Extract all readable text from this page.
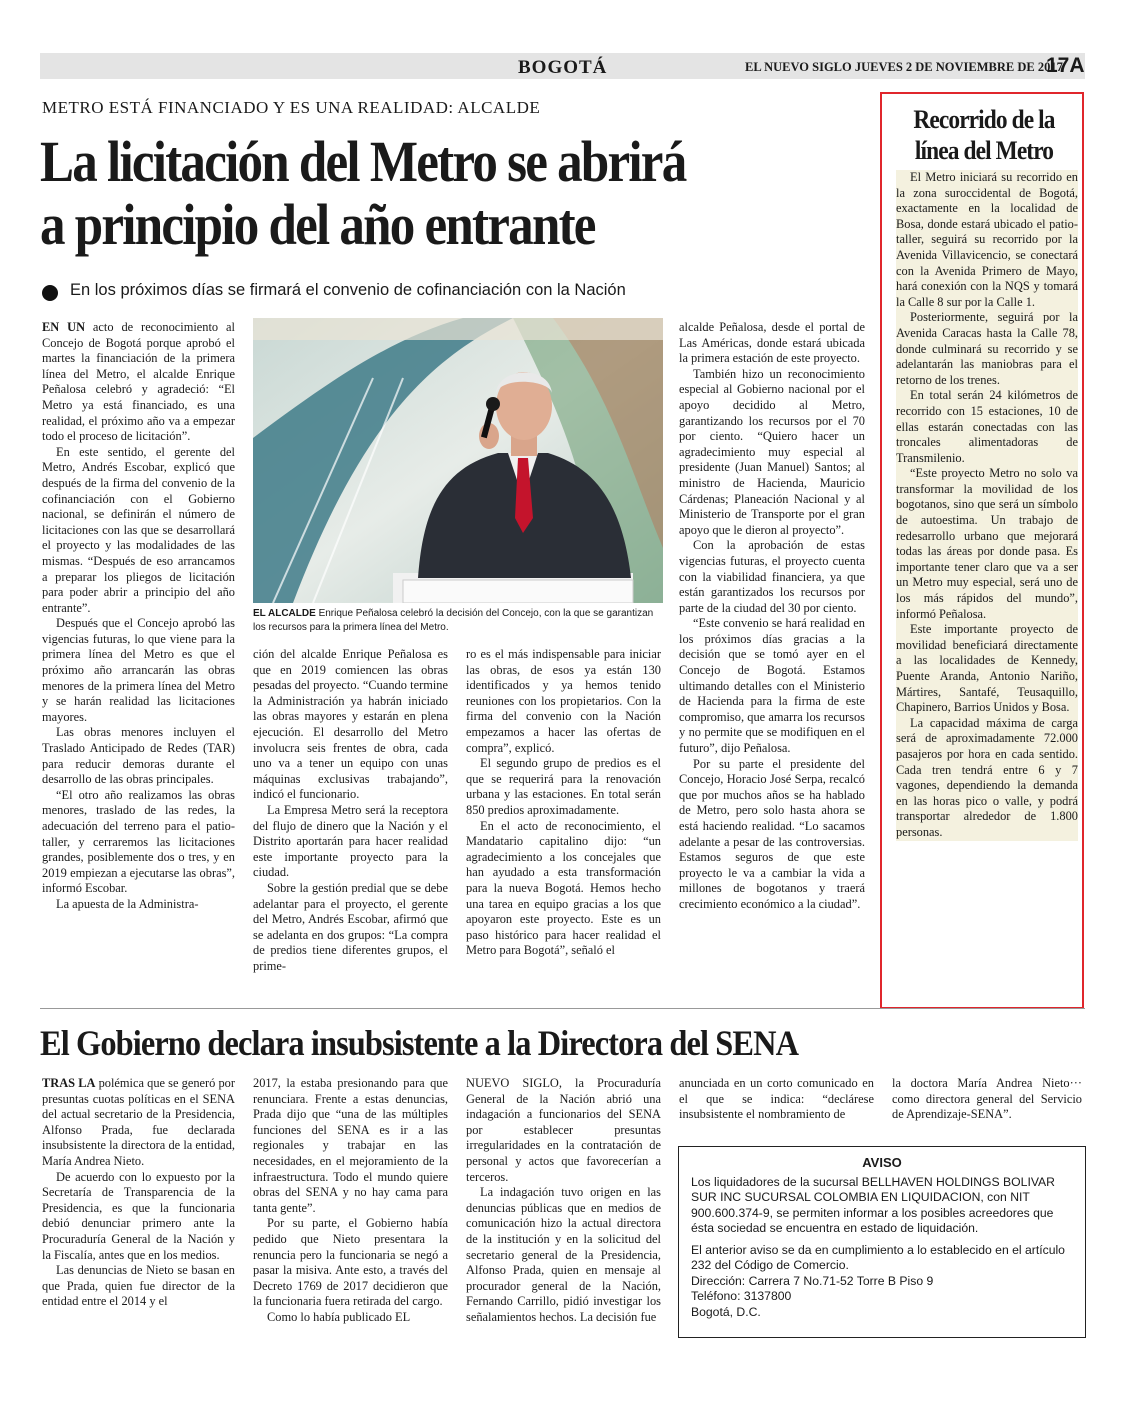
BOGOTÁ	EL NUEVO SIGLO JUEVES 2 DE NOVIEMBRE DE 2017
17A
METRO ESTÁ FINANCIADO Y ES UNA REALIDAD: ALCALDE
La licitación del Metro se abrirá
a principio del año entrante
En los próximos días se firmará el convenio de cofinanciación con la Nación

EN UN acto de reconocimiento al Concejo de Bogotá porque aprobó el martes la financiación de la primera línea del Metro, el alcalde Enrique Peñalosa celebró y agradeció: “El Metro ya está financiado, es una realidad, el próximo año va a empezar todo el proceso de licitación”.

En este sentido, el gerente del Metro, Andrés Escobar, explicó que después de la firma del convenio de la cofinanciación con el Gobierno nacional, se definirán el número de licitaciones con las que se desarrollará el proyecto y las modalidades de las mismas. “Después de eso arrancamos a preparar los pliegos de licitación para poder abrir a principio del año entrante”.

Después que el Concejo aprobó las vigencias futuras, lo que viene para la primera línea del Metro es que el próximo año arrancarán las obras menores de la primera línea del Metro y se harán realidad las licitaciones mayores.

Las obras menores incluyen el Traslado Anticipado de Redes (TAR) para reducir demoras durante el desarrollo de las obras principales.

“El otro año realizamos las obras menores, traslado de las redes, la adecuación del terreno para el patio-taller, y cerraremos las licitaciones grandes, posiblemente dos o tres, y en 2019 empiezan a ejecutarse las obras”, informó Escobar.

La apuesta de la Administra-

EL ALCALDE Enrique Peñalosa celebró la decisión del Concejo, con la que se garantizan los recursos para la primera línea del Metro.

ción del alcalde Enrique Peñalosa es que en 2019 comiencen las obras pesadas del proyecto. “Cuando termine la Administración ya habrán iniciado las obras mayores y estarán en plena ejecución. El desarrollo del Metro involucra seis frentes de obra, cada uno va a tener un equipo con unas máquinas exclusivas trabajando”, indicó el funcionario.

La Empresa Metro será la receptora del flujo de dinero que la Nación y el Distrito aportarán para hacer realidad este importante proyecto para la ciudad.

Sobre la gestión predial que se debe adelantar para el proyecto, el gerente del Metro, Andrés Escobar, afirmó que se adelanta en dos grupos: “La compra de predios tiene diferentes grupos, el prime-

ro es el más indispensable para iniciar las obras, de esos ya están 130 identificados y ya hemos tenido reuniones con los propietarios. Con la firma del convenio con la Nación empezamos a hacer las ofertas de compra”, explicó.

El segundo grupo de predios es el que se requerirá para la renovación urbana y las estaciones. En total serán 850 predios aproximadamente.

En el acto de reconocimiento, el Mandatario capitalino dijo: “un agradecimiento a los concejales que han ayudado a esta transformación para la nueva Bogotá. Hemos hecho una tarea en equipo gracias a los que apoyaron este proyecto. Este es un paso histórico para hacer realidad el Metro para Bogotá”, señaló el

alcalde Peñalosa, desde el portal de Las Américas, donde estará ubicada la primera estación de este proyecto.

También hizo un reconocimiento especial al Gobierno nacional por el apoyo decidido al Metro, garantizando los recursos por el 70 por ciento. “Quiero hacer un agradecimiento muy especial al presidente (Juan Manuel) Santos; al ministro de Hacienda, Mauricio Cárdenas; Planeación Nacional y al Ministerio de Transporte por el gran apoyo que le dieron al proyecto”.

Con la aprobación de estas vigencias futuras, el proyecto cuenta con la viabilidad financiera, ya que están garantizados los recursos por parte de la ciudad del 30 por ciento.

“Este convenio se hará realidad en los próximos días gracias a la decisión que se tomó ayer en el Concejo de Bogotá. Estamos ultimando detalles con el Ministerio de Hacienda para la firma de este compromiso, que amarra los recursos y no permite que se modifiquen en el futuro”, dijo Peñalosa.

Por su parte el presidente del Concejo, Horacio José Serpa, recalcó que por muchos años se ha hablado de Metro, pero solo hasta ahora se está haciendo realidad. “Lo sacamos adelante a pesar de las controversias. Estamos seguros de que este proyecto le va a cambiar la vida a millones de bogotanos y traerá crecimiento económico a la ciudad”.

Recorrido de la
línea del Metro

El Metro iniciará su recorrido en la zona suroccidental de Bogotá, exactamente en la localidad de Bosa, donde estará ubicado el patio-taller, seguirá su recorrido por la Avenida Villavicencio, se conectará con la Avenida Primero de Mayo, hará conexión con la NQS y tomará la Calle 8 sur por la Calle 1.

Posteriormente, seguirá por la Avenida Caracas hasta la Calle 78, donde culminará su recorrido y se adelantarán las maniobras para el retorno de los trenes.

En total serán 24 kilómetros de recorrido con 15 estaciones, 10 de ellas estarán conectadas con las troncales alimentadoras de Transmilenio.

“Este proyecto Metro no solo va transformar la movilidad de los bogotanos, sino que será un símbolo de autoestima. Un trabajo de redesarrollo urbano que mejorará todas las áreas por donde pasa. Es importante tener claro que va a ser un Metro muy especial, será uno de los más rápidos del mundo”, informó Peñalosa.

Este importante proyecto de movilidad beneficiará directamente a las localidades de Kennedy, Puente Aranda, Antonio Nariño, Mártires, Santafé, Teusaquillo, Chapinero, Barrios Unidos y Bosa.

La capacidad máxima de carga será de aproximadamente 72.000 pasajeros por hora en cada sentido. Cada tren tendrá entre 6 y 7 vagones, dependiendo la demanda en las horas pico o valle, y podrá transportar alrededor de 1.800 personas.

El Gobierno declara insubsistente a la Directora del SENA

TRAS LA polémica que se generó por presuntas cuotas políticas en el SENA del actual secretario de la Presidencia, Alfonso Prada, fue declarada insubsistente la directora de la entidad, María Andrea Nieto.

De acuerdo con lo expuesto por la Secretaría de Transparencia de la Presidencia, es que la funcionaria debió denunciar primero ante la Procuraduría General de la Nación y la Fiscalía, antes que en los medios.

Las denuncias de Nieto se basan en que Prada, quien fue director de la entidad entre el 2014 y el

2017, la estaba presionando para que renunciara. Frente a estas denuncias, Prada dijo que “una de las múltiples funciones del SENA es ir a las regionales y trabajar en las necesidades, en el mejoramiento de la infraestructura. Todo el mundo quiere obras del SENA y no hay cama para tanta gente”.

Por su parte, el Gobierno había pedido que Nieto presentara la renuncia pero la funcionaria se negó a pasar la misiva. Ante esto, a través del Decreto 1769 de 2017 decidieron que la funcionaria fuera retirada del cargo.

Como lo había publicado EL

NUEVO SIGLO, la Procuraduría General de la Nación abrió una indagación a funcionarios del SENA por establecer presuntas irregularidades en la contratación de personal y actos que favorecerían a terceros.

La indagación tuvo origen en las denuncias públicas que en medios de comunicación hizo la actual directora de la institución y en la solicitud del secretario general de la Presidencia, Alfonso Prada, quien en mensaje al procurador general de la Nación, Fernando Carrillo, pidió investigar los señalamientos hechos. La decisión fue

anunciada en un corto comunicado en el que se indica: “declárese insubsistente el nombramiento de

la doctora María Andrea Nieto··· como directora general del Servicio de Aprendizaje-SENA”.

AVISO

Los liquidadores de la sucursal BELLHAVEN HOLDINGS BOLIVAR SUR INC SUCURSAL COLOMBIA EN LIQUIDACION, con NIT 900.600.374-9, se permiten informar a los posibles acreedores que ésta sociedad se encuentra en estado de liquidación.

El anterior aviso se da en cumplimiento a lo establecido en el artículo 232 del Código de Comercio.

Dirección: Carrera 7 No.71-52 Torre B Piso 9
Teléfono: 3137800
Bogotá, D.C.
